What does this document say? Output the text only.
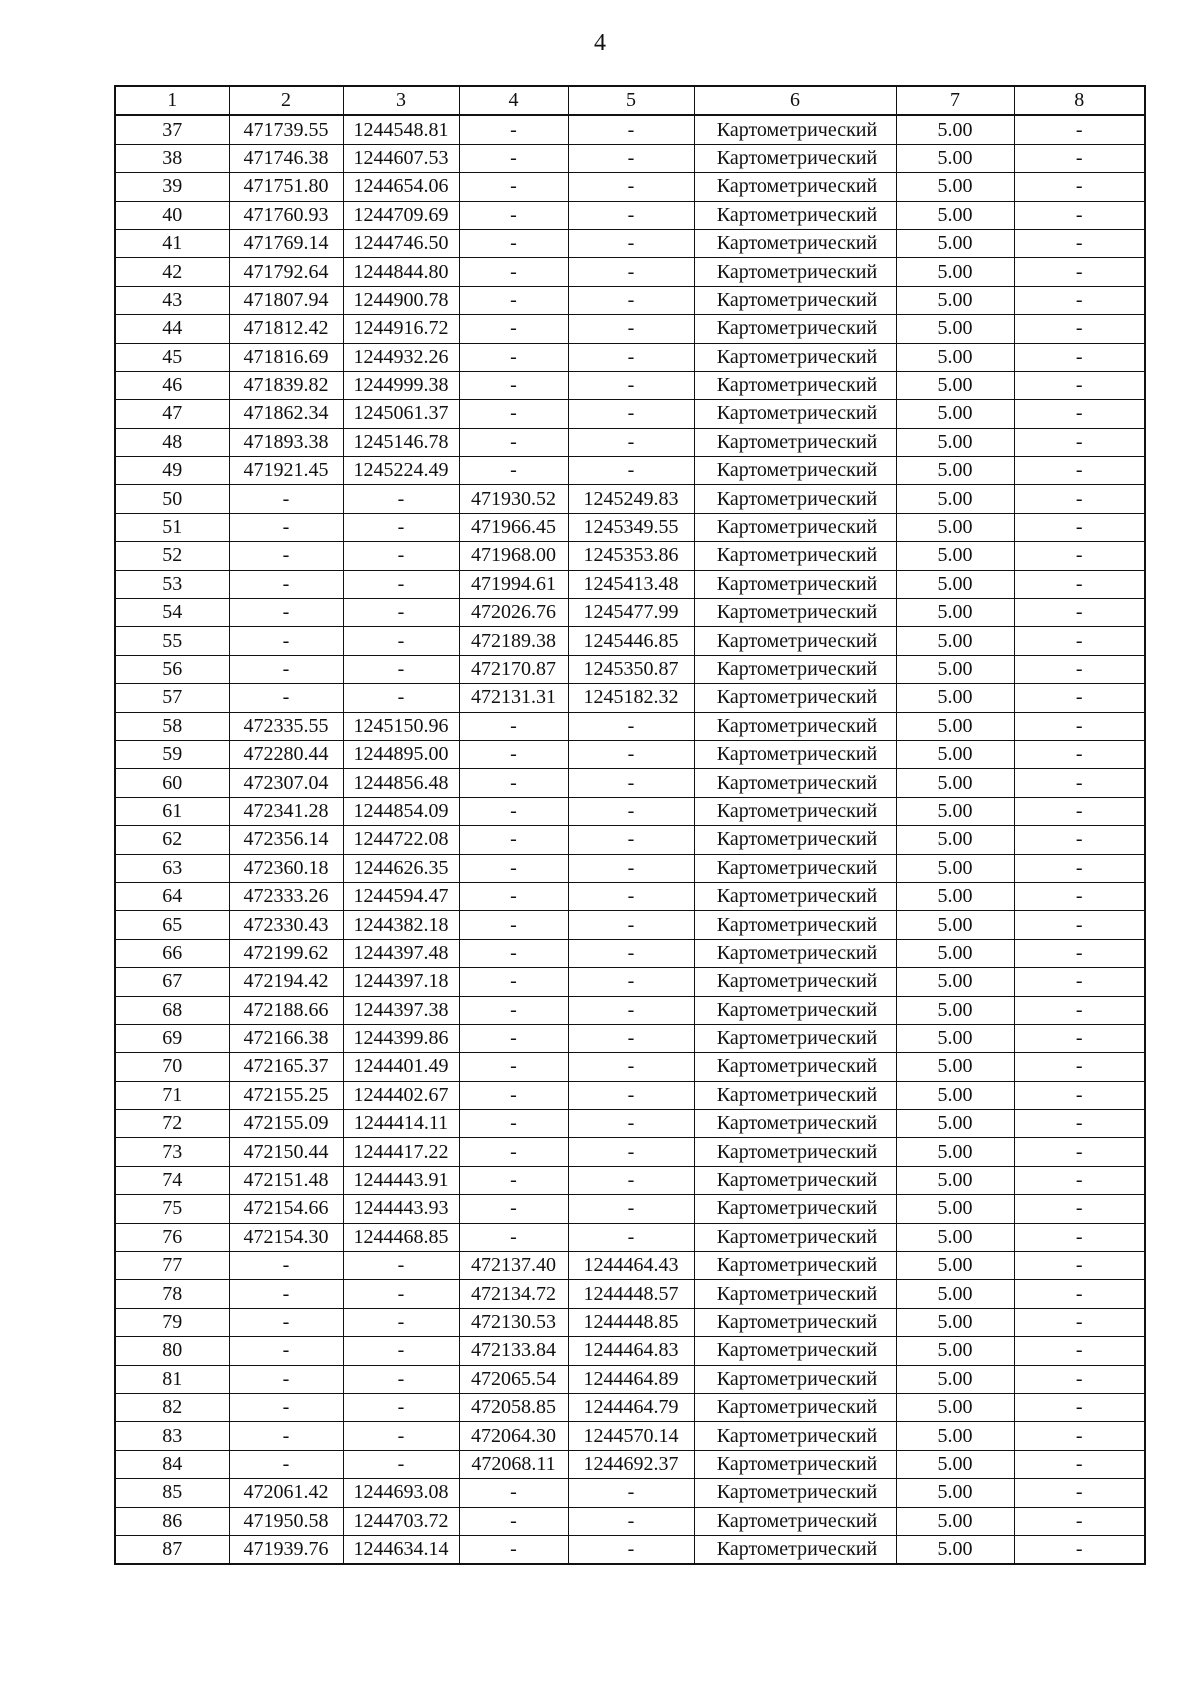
4
1	2	3	4	5	6	7	8
37	471739.55	1244548.81	-	-	Картометрический	5.00	-
38	471746.38	1244607.53	-	-	Картометрический	5.00	-
39	471751.80	1244654.06	-	-	Картометрический	5.00	-
40	471760.93	1244709.69	-	-	Картометрический	5.00	-
41	471769.14	1244746.50	-	-	Картометрический	5.00	-
42	471792.64	1244844.80	-	-	Картометрический	5.00	-
43	471807.94	1244900.78	-	-	Картометрический	5.00	-
44	471812.42	1244916.72	-	-	Картометрический	5.00	-
45	471816.69	1244932.26	-	-	Картометрический	5.00	-
46	471839.82	1244999.38	-	-	Картометрический	5.00	-
47	471862.34	1245061.37	-	-	Картометрический	5.00	-
48	471893.38	1245146.78	-	-	Картометрический	5.00	-
49	471921.45	1245224.49	-	-	Картометрический	5.00	-
50	-	-	471930.52	1245249.83	Картометрический	5.00	-
51	-	-	471966.45	1245349.55	Картометрический	5.00	-
52	-	-	471968.00	1245353.86	Картометрический	5.00	-
53	-	-	471994.61	1245413.48	Картометрический	5.00	-
54	-	-	472026.76	1245477.99	Картометрический	5.00	-
55	-	-	472189.38	1245446.85	Картометрический	5.00	-
56	-	-	472170.87	1245350.87	Картометрический	5.00	-
57	-	-	472131.31	1245182.32	Картометрический	5.00	-
58	472335.55	1245150.96	-	-	Картометрический	5.00	-
59	472280.44	1244895.00	-	-	Картометрический	5.00	-
60	472307.04	1244856.48	-	-	Картометрический	5.00	-
61	472341.28	1244854.09	-	-	Картометрический	5.00	-
62	472356.14	1244722.08	-	-	Картометрический	5.00	-
63	472360.18	1244626.35	-	-	Картометрический	5.00	-
64	472333.26	1244594.47	-	-	Картометрический	5.00	-
65	472330.43	1244382.18	-	-	Картометрический	5.00	-
66	472199.62	1244397.48	-	-	Картометрический	5.00	-
67	472194.42	1244397.18	-	-	Картометрический	5.00	-
68	472188.66	1244397.38	-	-	Картометрический	5.00	-
69	472166.38	1244399.86	-	-	Картометрический	5.00	-
70	472165.37	1244401.49	-	-	Картометрический	5.00	-
71	472155.25	1244402.67	-	-	Картометрический	5.00	-
72	472155.09	1244414.11	-	-	Картометрический	5.00	-
73	472150.44	1244417.22	-	-	Картометрический	5.00	-
74	472151.48	1244443.91	-	-	Картометрический	5.00	-
75	472154.66	1244443.93	-	-	Картометрический	5.00	-
76	472154.30	1244468.85	-	-	Картометрический	5.00	-
77	-	-	472137.40	1244464.43	Картометрический	5.00	-
78	-	-	472134.72	1244448.57	Картометрический	5.00	-
79	-	-	472130.53	1244448.85	Картометрический	5.00	-
80	-	-	472133.84	1244464.83	Картометрический	5.00	-
81	-	-	472065.54	1244464.89	Картометрический	5.00	-
82	-	-	472058.85	1244464.79	Картометрический	5.00	-
83	-	-	472064.30	1244570.14	Картометрический	5.00	-
84	-	-	472068.11	1244692.37	Картометрический	5.00	-
85	472061.42	1244693.08	-	-	Картометрический	5.00	-
86	471950.58	1244703.72	-	-	Картометрический	5.00	-
87	471939.76	1244634.14	-	-	Картометрический	5.00	-
